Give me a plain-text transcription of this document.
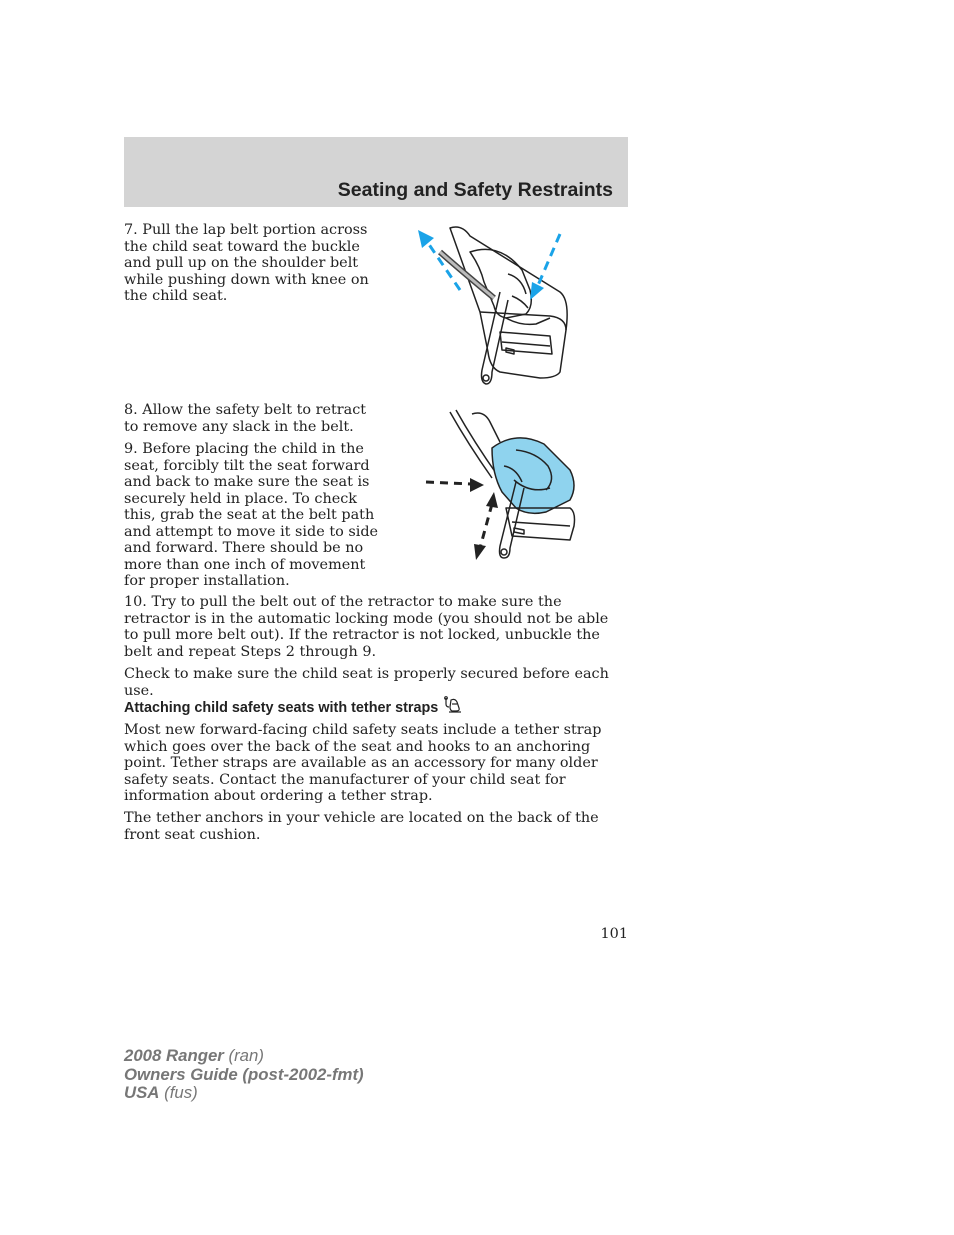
Seating and Safety Restraints

7. Pull the lap belt portion across the child seat toward the buckle and pull up on the shoulder belt while pushing down with knee on the child seat.

8. Allow the safety belt to retract to remove any slack in the belt.

9. Before placing the child in the seat, forcibly tilt the seat forward and back to make sure the seat is securely held in place. To check this, grab the seat at the belt path and attempt to move it side to side and forward. There should be no more than one inch of movement for proper installation.

10. Try to pull the belt out of the retractor to make sure the retractor is in the automatic locking mode (you should not be able to pull more belt out). If the retractor is not locked, unbuckle the belt and repeat Steps 2 through 9.

Check to make sure the child seat is properly secured before each use.

Attaching child safety seats with tether straps

Most new forward-facing child safety seats include a tether strap which goes over the back of the seat and hooks to an anchoring point. Tether straps are available as an accessory for many older safety seats. Contact the manufacturer of your child seat for information about ordering a tether strap.

The tether anchors in your vehicle are located on the back of the front seat cushion.

101

2008 Ranger (ran)
Owners Guide (post-2002-fmt)
USA (fus)
